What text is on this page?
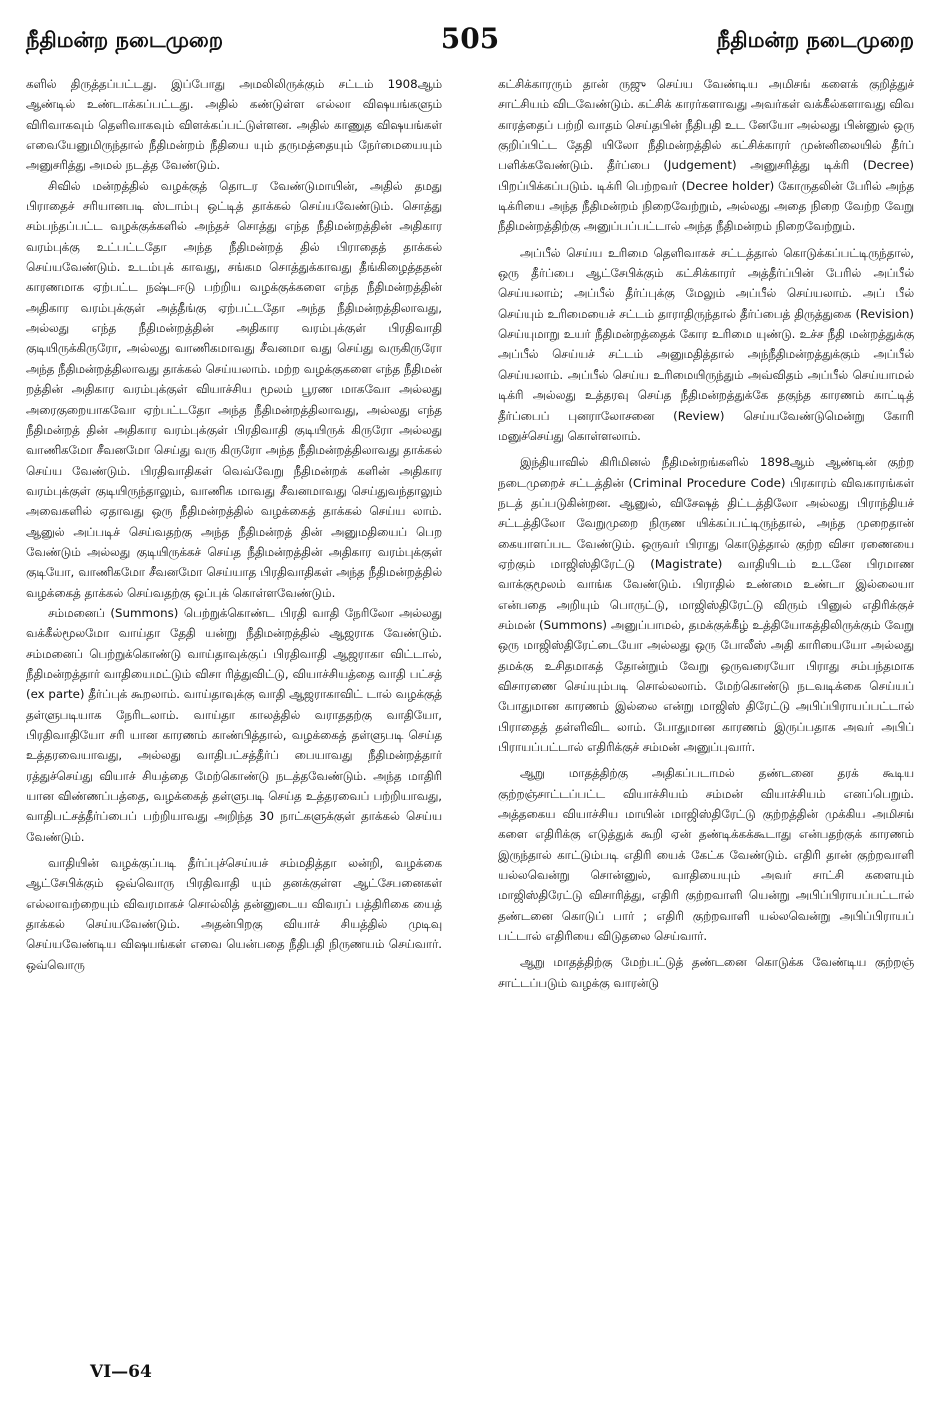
நீதிமன்ற நடைமுறை	505	நீதிமன்ற நடைமுறை

களில் திருத்தப்பட்டது. இப்போது அமலிலிருக்கும் சட்டம் 1908ஆம் ஆண்டில் உண்டாக்கப்பட்டது. அதில் கண்டுள்ள எல்லா விஷயங்களும் விரிவாகவும் தெளிவாகவும் விளக்கப்பட்டுள்ளன. அதில் காணுத விஷயங்கள் எவையேனுமிருந்தால் நீதிமன்றம் நீதியை யும் தருமத்தையும் நேர்மையையும் அனுசரித்து அமல் நடத்த வேண்டும்.

சிவில் மன்றத்தில் வழக்குத் தொடர வேண்டுமாயின், அதில் தமது பிராதைச் சரியானபடி ஸ்டாம்பு ஒட்டித் தாக்கல் செய்யவேண்டும். சொத்து சம்பந்தப்பட்ட வழக்குக்களில் அந்தச் சொத்து எந்த நீதிமன்றத்தின் அதிகார வரம்புக்கு உட்பட்டதோ அந்த நீதிமன்றத் தில் பிராதைத் தாக்கல் செய்யவேண்டும். உடம்புக் காவது, சங்கம சொத்துக்காவது தீங்கிழைத்ததன் காரணமாக ஏற்பட்ட நஷ்டஈடு பற்றிய வழக்குக்களை எந்த நீதிமன்றத்தின் அதிகார வரம்புக்குள் அத்தீங்கு ஏற்பட்டதோ அந்த நீதிமன்றத்திலாவது, அல்லது எந்த நீதிமன்றத்தின் அதிகார வரம்புக்குள் பிரதிவாதி குடியிருக்கிருரோ, அல்லது வாணிகமாவது சீவனமா வது செய்து வருகிருரோ அந்த நீதிமன்றத்திலாவது தாக்கல் செய்யலாம். மற்ற வழக்குகளை எந்த நீதிமன் றத்தின் அதிகார வரம்புக்குள் வியாச்சிய மூலம் பூரண மாகவோ அல்லது அரைகுறையாகவோ ஏற்பட்டதோ அந்த நீதிமன்றத்திலாவது, அல்லது எந்த நீதிமன்றத் தின் அதிகார வரம்புக்குள் பிரதிவாதி குடியிருக் கிருரோ அல்லது வாணிகமோ சீவனமோ செய்து வரு கிருரோ அந்த நீதிமன்றத்திலாவது தாக்கல் செய்ய வேண்டும். பிரதிவாதிகள் வெவ்வேறு நீதிமன்றக் களின் அதிகார வரம்புக்குள் குடியிருந்தாலும், வாணிக மாவது சீவனமாவது செய்துவந்தாலும் அவைகளில் ஏதாவது ஒரு நீதிமன்றத்தில் வழக்கைத் தாக்கல் செய்ய லாம். ஆனுல் அப்படிச் செய்வதற்கு அந்த நீதிமன்றத் தின் அனுமதியைப் பெற வேண்டும் அல்லது குடியிருக்கச் செய்த நீதிமன்றத்தின் அதிகார வரம்புக்குள் குடியோ, வாணிகமோ சீவனமோ செய்யாத பிரதிவாதிகள் அந்த நீதிமன்றத்தில் வழக்கைத் தாக்கல் செய்வதற்கு ஒப்புக் கொள்ளவேண்டும்.

சம்மனைப் (Summons) பெற்றுக்கொண்ட பிரதி வாதி நேரிலோ அல்லது வக்கீல்மூலமோ வாய்தா தேதி யன்று நீதிமன்றத்தில் ஆஜராக வேண்டும். சம்மனைப் பெற்றுக்கொண்டு வாய்தாவுக்குப் பிரதிவாதி ஆஜராகா விட்டால், நீதிமன்றத்தார் வாதியைமட்டும் விசா ரித்துவிட்டு, வியாச்சியத்தை வாதி பட்சத் (ex parte) தீர்ப்புக் கூறலாம். வாய்தாவுக்கு வாதி ஆஜராகாவிட் டால் வழக்குத் தள்ளுபடியாக நேரிடலாம். வாய்தா காலத்தில் வராததற்கு வாதியோ, பிரதிவாதியோ சரி யான காரணம் காண்பித்தால், வழக்கைத் தள்ளுபடி செய்த உத்தரவையாவது, அல்லது வாதிபட்சத்தீர்ப் பையாவது நீதிமன்றத்தார் ரத்துச்செய்து வியாச் சியத்தை மேற்கொண்டு நடத்தவேண்டும். அந்த மாதிரி யான விண்ணப்பத்தை, வழக்கைத் தள்ளுபடி செய்த உத்தரவைப் பற்றியாவது, வாதிபட்சத்தீர்ப்பைப் பற்றியாவது அறிந்த 30 நாட்களுக்குள் தாக்கல் செய்ய வேண்டும்.

வாதியின் வழக்குப்படி தீர்ப்புச்செய்யச் சம்மதித்தா லன்றி, வழக்கை ஆட்சேபிக்கும் ஒவ்வொரு பிரதிவாதி யும் தனக்குள்ள ஆட்சேபனைகள் எல்லாவற்றையும் விவரமாகச் சொல்லித் தன்னுடைய விவரப் பத்திரிகை யைத் தாக்கல் செய்யவேண்டும். அதன்பிறகு வியாச் சியத்தில் முடிவு செய்யவேண்டிய விஷயங்கள் எவை யென்பதை நீதிபதி நிருணயம் செய்வார். ஒவ்வொரு

கட்சிக்காரரும் தான் ருஜு செய்ய வேண்டிய அமிசங் களைக் குறித்துச் சாட்சியம் விடவேண்டும். கட்சிக் காரர்களாவது அவர்கள் வக்கீல்களாவது விவ காரத்தைப் பற்றி வாதம் செய்தபின் நீதிபதி உட னேயோ அல்லது பின்னுல் ஒரு குறிப்பிட்ட தேதி யிலோ நீதிமன்றத்தில் கட்சிக்காரர் முன்னிலையில் தீர்ப் பளிக்கவேண்டும். தீர்ப்பை (Judgement) அனுசரித்து டிக்ரி (Decree) பிறப்பிக்கப்படும். டிக்ரி பெற்றவர் (Decree holder) கோருதலின் பேரில் அந்த டிக்ரியை அந்த நீதிமன்றம் நிறைவேற்றும், அல்லது அதை நிறை வேற்ற வேறு நீதிமன்றத்திற்கு அனுப்பப்பட்டால் அந்த நீதிமன்றம் நிறைவேற்றும்.

அப்பீல் செய்ய உரிமை தெளிவாகச் சட்டத்தால் கொடுக்கப்பட்டிருந்தால், ஒரு தீர்ப்பை ஆட்சேபிக்கும் கட்சிக்காரர் அத்தீர்ப்பின் பேரில் அப்பீல் செய்யலாம்; அப்பீல் தீர்ப்புக்கு மேலும் அப்பீல் செய்யலாம். அப் பீல் செய்யும் உரிமையைச் சட்டம் தாராதிருந்தால் தீர்ப்பைத் திருத்துகை (Revision) செய்யுமாறு உயர் நீதிமன்றத்தைக் கோர உரிமை யுண்டு. உச்ச நீதி மன்றத்துக்கு அப்பீல் செய்யச் சட்டம் அனுமதித்தால் அந்நீதிமன்றத்துக்கும் அப்பீல் செய்யலாம். அப்பீல் செய்ய உரிமையிருந்தும் அவ்விதம் அப்பீல் செய்யாமல் டிக்ரி அல்லது உத்தரவு செய்த நீதிமன்றத்துக்கே தகுந்த காரணம் காட்டித் தீர்ப்பைப் புனராலோசனை (Review) செய்யவேண்டுமென்று கோரி மனுச்செய்து கொள்ளலாம்.

இந்தியாவில் கிரிமினல் நீதிமன்றங்களில் 1898ஆம் ஆண்டின் குற்ற நடைமுறைச் சட்டத்தின் (Criminal Procedure Code) பிரகாரம் விவகாரங்கள் நடத் தப்படுகின்றன. ஆனுல், விசேஷத் திட்டத்திலோ அல்லது பிராந்தியச் சட்டத்திலோ வேறுமுறை நிருண யிக்கப்பட்டிருந்தால், அந்த முறைதான் கையாளப்பட வேண்டும். ஒருவர் பிராது கொடுத்தால் குற்ற விசா ரணையை ஏற்கும் மாஜிஸ்திரேட்டு (Magistrate) வாதியிடம் உடனே பிரமாண வாக்குமூலம் வாங்க வேண்டும். பிராதில் உண்மை உண்டா இல்லையா என்பதை அறியும் பொருட்டு, மாஜிஸ்திரேட்டு விரும் பினுல் எதிரிக்குச் சம்மன் (Summons) அனுப்பாமல், தமக்குக்கீழ் உத்தியோகத்திலிருக்கும் வேறு ஒரு மாஜிஸ்திரேட்டையோ அல்லது ஒரு போலீஸ் அதி காரியையோ அல்லது தமக்கு உசிதமாகத் தோன்றும் வேறு ஒருவரையோ பிராது சம்பந்தமாக விசாரணை செய்யும்படி சொல்லலாம். மேற்கொண்டு நடவடிக்கை செய்யப் போதுமான காரணம் இல்லை என்று மாஜிஸ் திரேட்டு அபிப்பிராயப்பட்டால் பிராதைத் தள்ளிவிட லாம். போதுமான காரணம் இருப்பதாக அவர் அபிப் பிராயப்பட்டால் எதிரிக்குச் சம்மன் அனுப்புவார்.

ஆறு மாதத்திற்கு அதிகப்படாமல் தண்டனை தரக் கூடிய குற்றஞ்சாட்டப்பட்ட வியாச்சியம் சம்மன் வியாச்சியம் எனப்பெறும். அத்தகைய வியாச்சிய மாயின் மாஜிஸ்திரேட்டு குற்றத்தின் முக்கிய அமிசங் களை எதிரிக்கு எடுத்துக் கூறி ஏன் தண்டிக்கக்கூடாது என்பதற்குக் காரணம் இருந்தால் காட்டும்படி எதிரி யைக் கேட்க வேண்டும். எதிரி தான் குற்றவாளி யல்லவென்று சொன்னுல், வாதியையும் அவர் சாட்சி களையும் மாஜிஸ்திரேட்டு விசாரித்து, எதிரி குற்றவாளி யென்று அபிப்பிராயப்பட்டால் தண்டனை கொடுப் பார் ; எதிரி குற்றவாளி யல்லவென்று அபிப்பிராயப் பட்டால் எதிரியை விடுதலை செய்வார்.

ஆறு மாதத்திற்கு மேற்பட்டுத் தண்டனை கொடுக்க வேண்டிய குற்றஞ் சாட்டப்படும் வழக்கு வாரன்டு

VI—64
